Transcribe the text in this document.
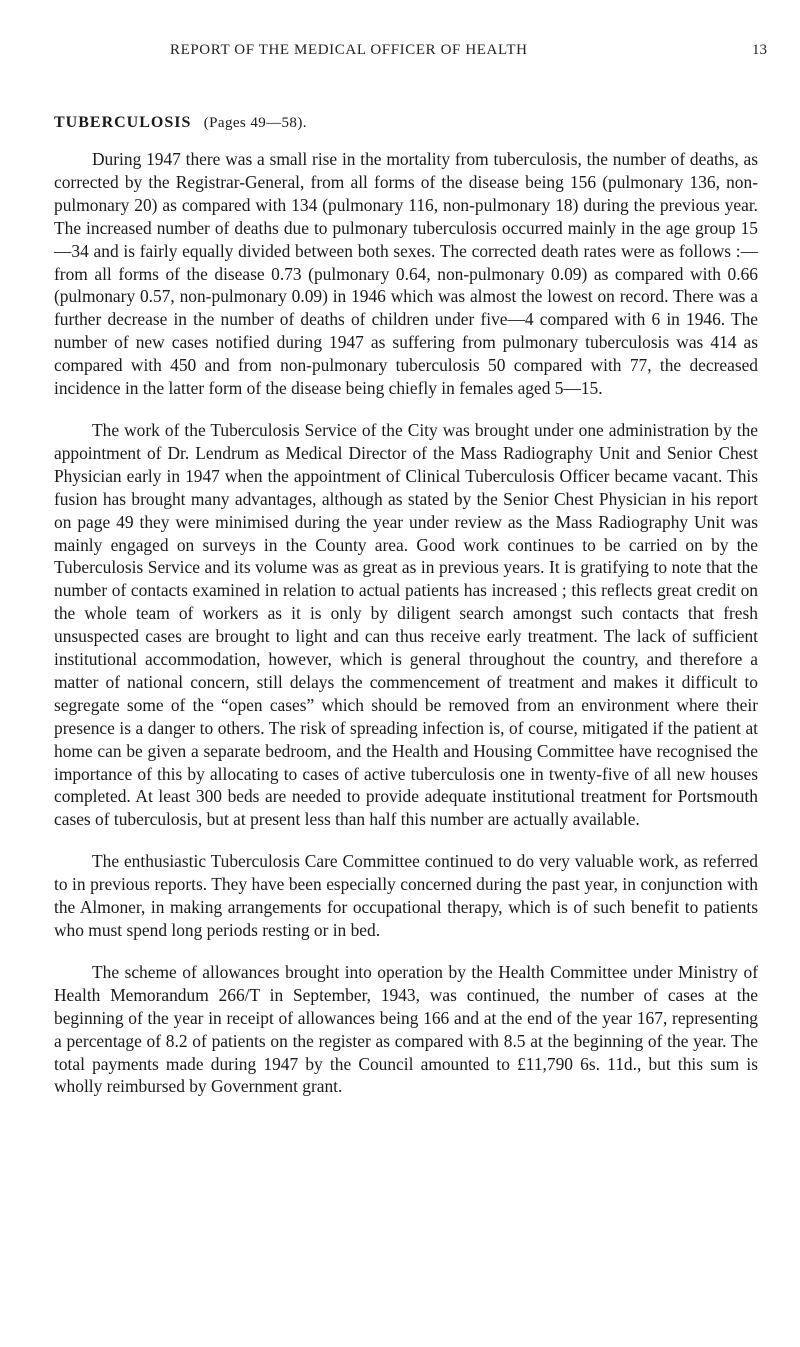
REPORT OF THE MEDICAL OFFICER OF HEALTH	13
TUBERCULOSIS (Pages 49—58).

During 1947 there was a small rise in the mortality from tuberculosis, the number of deaths, as corrected by the Registrar-General, from all forms of the disease being 156 (pulmonary 136, non-pulmonary 20) as compared with 134 (pulmonary 116, non-pulmonary 18) during the previous year. The increased number of deaths due to pulmonary tuberculosis occurred mainly in the age group 15—34 and is fairly equally divided between both sexes. The corrected death rates were as follows :—from all forms of the disease 0.73 (pulmonary 0.64, non-pulmonary 0.09) as compared with 0.66 (pulmonary 0.57, non-pulmonary 0.09) in 1946 which was almost the lowest on record. There was a further decrease in the number of deaths of children under five—4 compared with 6 in 1946. The number of new cases notified during 1947 as suffering from pulmonary tuberculosis was 414 as compared with 450 and from non-pulmonary tuberculosis 50 compared with 77, the decreased incidence in the latter form of the disease being chiefly in females aged 5—15.

The work of the Tuberculosis Service of the City was brought under one administration by the appointment of Dr. Lendrum as Medical Director of the Mass Radiography Unit and Senior Chest Physician early in 1947 when the appointment of Clinical Tuberculosis Officer became vacant. This fusion has brought many advantages, although as stated by the Senior Chest Physician in his report on page 49 they were minimised during the year under review as the Mass Radiography Unit was mainly engaged on surveys in the County area. Good work continues to be carried on by the Tuberculosis Service and its volume was as great as in previous years. It is gratifying to note that the number of contacts examined in relation to actual patients has increased ; this reflects great credit on the whole team of workers as it is only by diligent search amongst such contacts that fresh unsuspected cases are brought to light and can thus receive early treatment. The lack of sufficient institutional accommodation, however, which is general throughout the country, and therefore a matter of national concern, still delays the commencement of treatment and makes it difficult to segregate some of the “open cases” which should be removed from an environment where their presence is a danger to others. The risk of spreading infection is, of course, mitigated if the patient at home can be given a separate bedroom, and the Health and Housing Committee have recognised the importance of this by allocating to cases of active tuberculosis one in twenty-five of all new houses completed. At least 300 beds are needed to provide adequate institutional treatment for Portsmouth cases of tuberculosis, but at present less than half this number are actually available.

The enthusiastic Tuberculosis Care Committee continued to do very valuable work, as referred to in previous reports. They have been especially concerned during the past year, in conjunction with the Almoner, in making arrangements for occupational therapy, which is of such benefit to patients who must spend long periods resting or in bed.

The scheme of allowances brought into operation by the Health Committee under Ministry of Health Memorandum 266/T in September, 1943, was continued, the number of cases at the beginning of the year in receipt of allowances being 166 and at the end of the year 167, representing a percentage of 8.2 of patients on the register as compared with 8.5 at the beginning of the year. The total payments made during 1947 by the Council amounted to £11,790 6s. 11d., but this sum is wholly reimbursed by Government grant.
